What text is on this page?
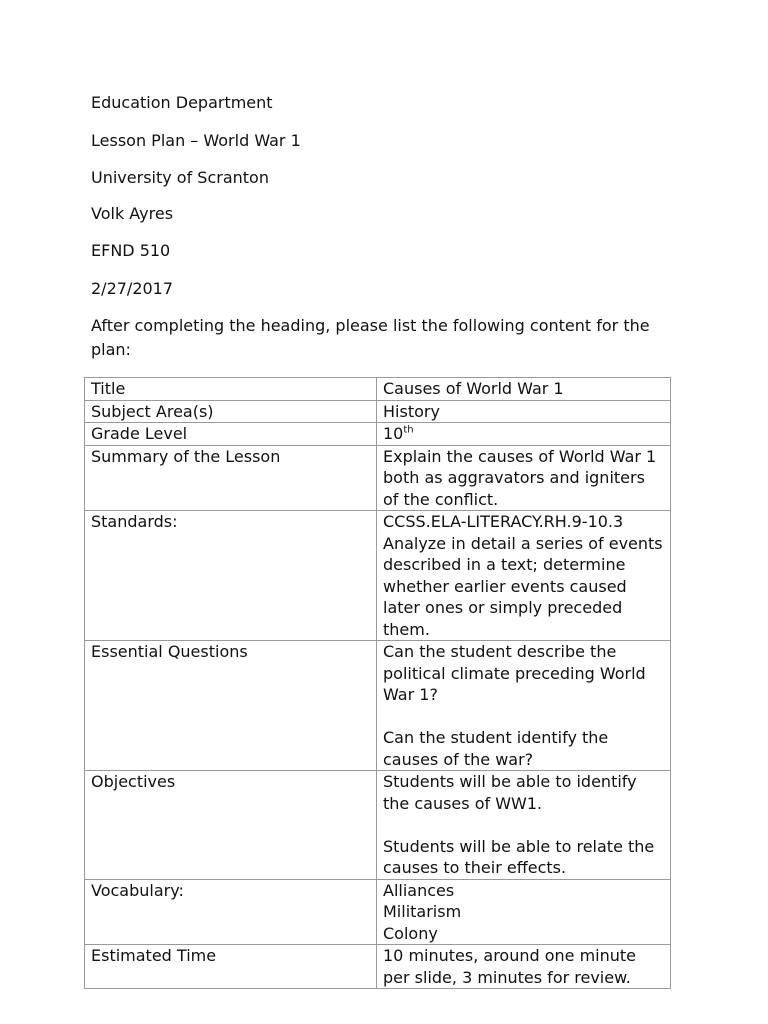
Education Department

Lesson Plan – World War 1

University of Scranton

Volk Ayres

EFND 510

2/27/2017

After completing the heading, please list the following content for the plan:

Title	Causes of World War 1

Subject Area(s)	History

Grade Level	10th
Summary of the Lesson	Explain the causes of World War 1 both as aggravators and igniters of the conflict.

Standards:	CCSS.ELA-LITERACY.RH.9-10.3
Analyze in detail a series of events described in a text; determine whether earlier events caused later ones or simply preceded them.

Essential Questions	Can the student describe the political climate preceding World War 1?
Can the student identify the causes of the war?

Objectives	Students will be able to identify the causes of WW1.
Students will be able to relate the causes to their effects.

Vocabulary:	Alliances
Militarism
Colony

Estimated Time	10 minutes, around one minute per slide, 3 minutes for review.
